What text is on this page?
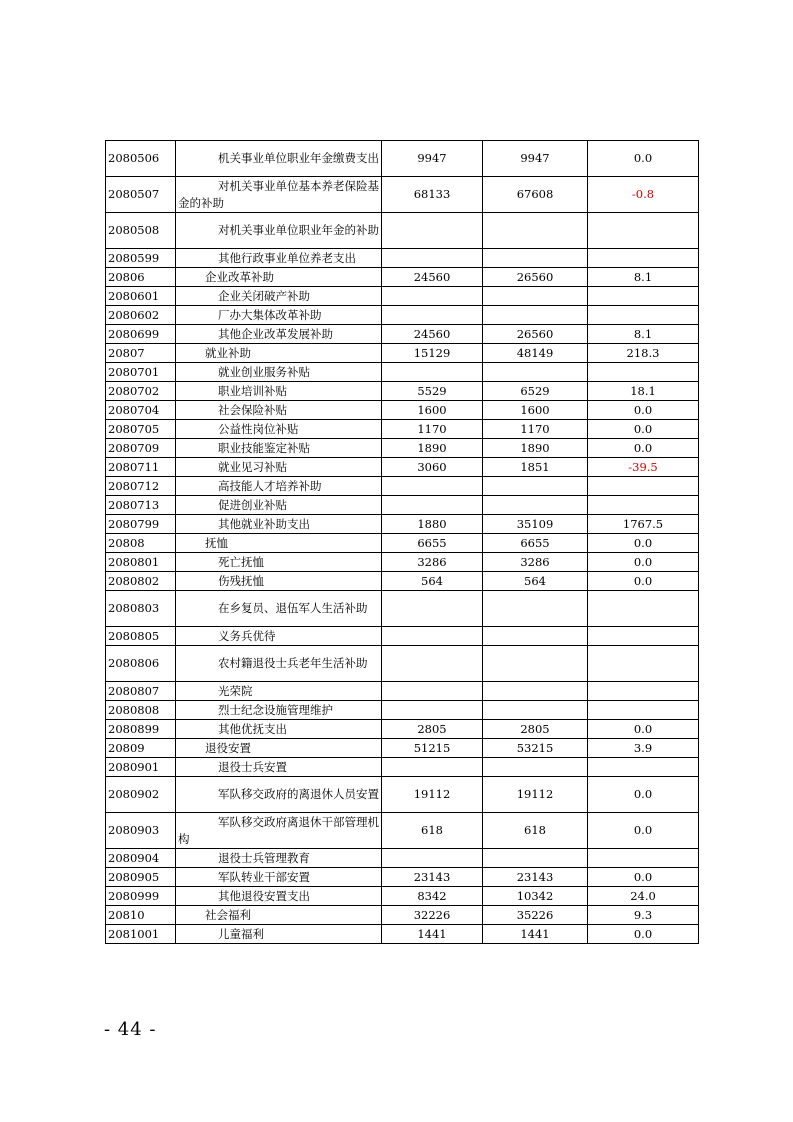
2080506	机关事业单位职业年金缴费支出	9947	9947	0.0
2080507	对机关事业单位基本养老保险基金的补助	68133	67608	-0.8
2080508	对机关事业单位职业年金的补助			
2080599	其他行政事业单位养老支出			
20806	企业改革补助	24560	26560	8.1
2080601	企业关闭破产补助			
2080602	厂办大集体改革补助			
2080699	其他企业改革发展补助	24560	26560	8.1
20807	就业补助	15129	48149	218.3
2080701	就业创业服务补贴			
2080702	职业培训补贴	5529	6529	18.1
2080704	社会保险补贴	1600	1600	0.0
2080705	公益性岗位补贴	1170	1170	0.0
2080709	职业技能鉴定补贴	1890	1890	0.0
2080711	就业见习补贴	3060	1851	-39.5
2080712	高技能人才培养补助			
2080713	促进创业补贴			
2080799	其他就业补助支出	1880	35109	1767.5
20808	抚恤	6655	6655	0.0
2080801	死亡抚恤	3286	3286	0.0
2080802	伤残抚恤	564	564	0.0
2080803	在乡复员、退伍军人生活补助			
2080805	义务兵优待			
2080806	农村籍退役士兵老年生活补助			
2080807	光荣院			
2080808	烈士纪念设施管理维护			
2080899	其他优抚支出	2805	2805	0.0
20809	退役安置	51215	53215	3.9
2080901	退役士兵安置			
2080902	军队移交政府的离退休人员安置	19112	19112	0.0
2080903	军队移交政府离退休干部管理机构	618	618	0.0
2080904	退役士兵管理教育			
2080905	军队转业干部安置	23143	23143	0.0
2080999	其他退役安置支出	8342	10342	24.0
20810	社会福利	32226	35226	9.3
2081001	儿童福利	1441	1441	0.0
- 44 -
